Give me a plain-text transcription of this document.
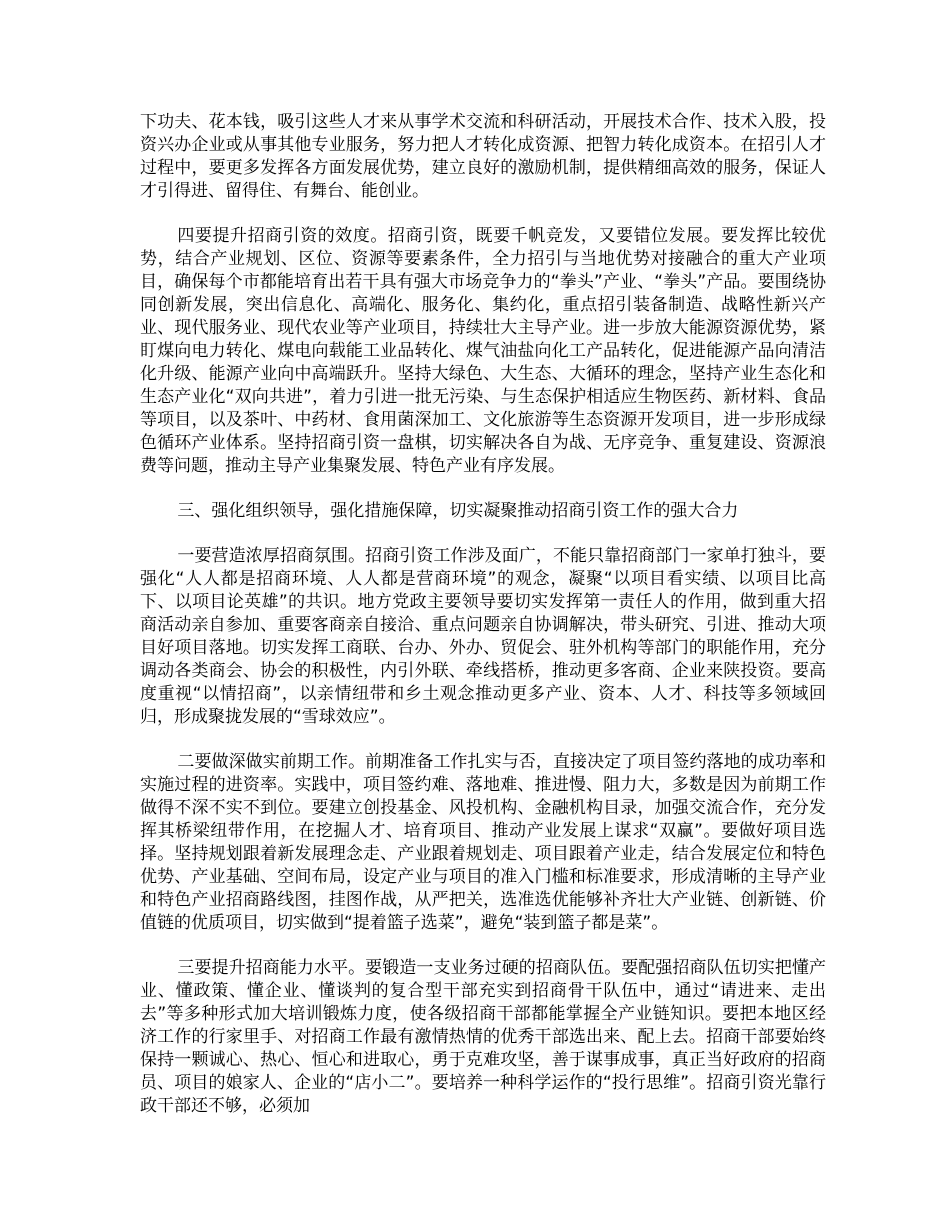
下功夫、花本钱，吸引这些人才来从事学术交流和科研活动，开展技术合作、技术入股，投资兴办企业或从事其他专业服务，努力把人才转化成资源、把智力转化成资本。在招引人才过程中，要更多发挥各方面发展优势，建立良好的激励机制，提供精细高效的服务，保证人才引得进、留得住、有舞台、能创业。

四要提升招商引资的效度。招商引资，既要千帆竞发，又要错位发展。要发挥比较优势，结合产业规划、区位、资源等要素条件，全力招引与当地优势对接融合的重大产业项目，确保每个市都能培育出若干具有强大市场竞争力的“拳头”产业、“拳头”产品。要围绕协同创新发展，突出信息化、高端化、服务化、集约化，重点招引装备制造、战略性新兴产业、现代服务业、现代农业等产业项目，持续壮大主导产业。进一步放大能源资源优势，紧盯煤向电力转化、煤电向载能工业品转化、煤气油盐向化工产品转化，促进能源产品向清洁化升级、能源产业向中高端跃升。坚持大绿色、大生态、大循环的理念，坚持产业生态化和生态产业化“双向共进”，着力引进一批无污染、与生态保护相适应生物医药、新材料、食品等项目，以及茶叶、中药材、食用菌深加工、文化旅游等生态资源开发项目，进一步形成绿色循环产业体系。坚持招商引资一盘棋，切实解决各自为战、无序竞争、重复建设、资源浪费等问题，推动主导产业集聚发展、特色产业有序发展。

三、强化组织领导，强化措施保障，切实凝聚推动招商引资工作的强大合力

一要营造浓厚招商氛围。招商引资工作涉及面广，不能只靠招商部门一家单打独斗，要强化“人人都是招商环境、人人都是营商环境”的观念，凝聚“以项目看实绩、以项目比高下、以项目论英雄”的共识。地方党政主要领导要切实发挥第一责任人的作用，做到重大招商活动亲自参加、重要客商亲自接洽、重点问题亲自协调解决，带头研究、引进、推动大项目好项目落地。切实发挥工商联、台办、外办、贸促会、驻外机构等部门的职能作用，充分调动各类商会、协会的积极性，内引外联、牵线搭桥，推动更多客商、企业来陕投资。要高度重视“以情招商”，以亲情纽带和乡土观念推动更多产业、资本、人才、科技等多领域回归，形成聚拢发展的“雪球效应”。

二要做深做实前期工作。前期准备工作扎实与否，直接决定了项目签约落地的成功率和实施过程的进资率。实践中，项目签约难、落地难、推进慢、阻力大，多数是因为前期工作做得不深不实不到位。要建立创投基金、风投机构、金融机构目录，加强交流合作，充分发挥其桥梁纽带作用，在挖掘人才、培育项目、推动产业发展上谋求“双赢”。要做好项目选择。坚持规划跟着新发展理念走、产业跟着规划走、项目跟着产业走，结合发展定位和特色优势、产业基础、空间布局，设定产业与项目的准入门槛和标准要求，形成清晰的主导产业和特色产业招商路线图，挂图作战，从严把关，选准选优能够补齐壮大产业链、创新链、价值链的优质项目，切实做到“提着篮子选菜”，避免“装到篮子都是菜”。

三要提升招商能力水平。要锻造一支业务过硬的招商队伍。要配强招商队伍切实把懂产业、懂政策、懂企业、懂谈判的复合型干部充实到招商骨干队伍中，通过“请进来、走出去”等多种形式加大培训锻炼力度，使各级招商干部都能掌握全产业链知识。要把本地区经济工作的行家里手、对招商工作最有激情热情的优秀干部选出来、配上去。招商干部要始终保持一颗诚心、热心、恒心和进取心，勇于克难攻坚，善于谋事成事，真正当好政府的招商员、项目的娘家人、企业的“店小二”。要培养一种科学运作的“投行思维”。招商引资光靠行政干部还不够，必须加
